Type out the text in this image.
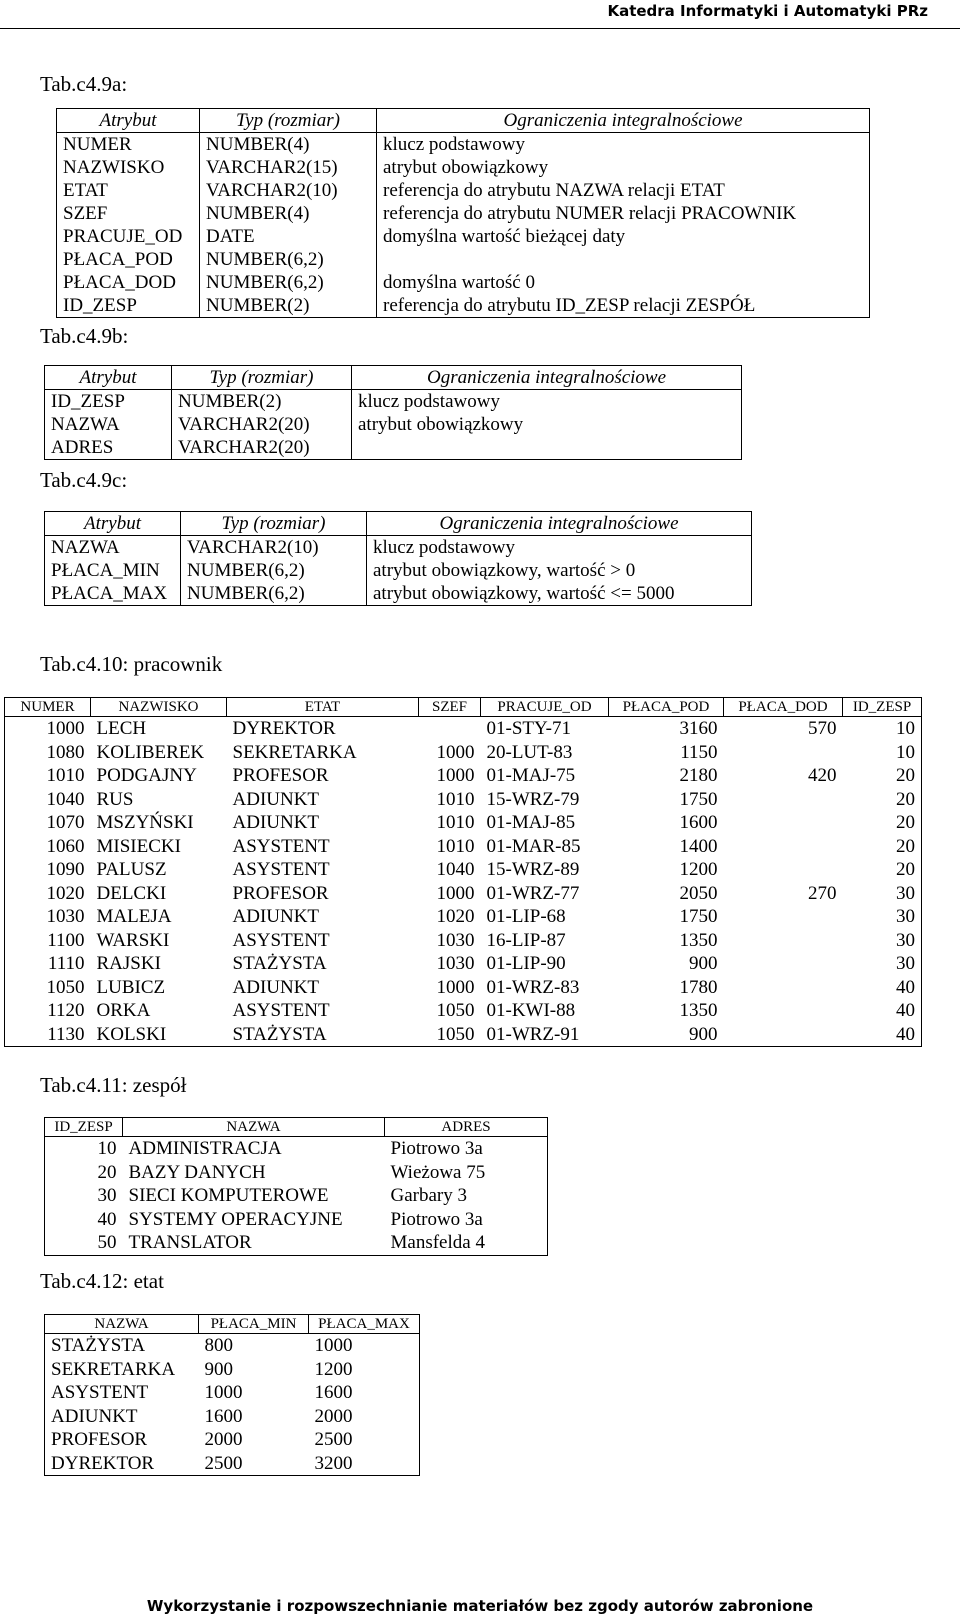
Katedra Informatyki i Automatyki PRz
Tab.c4.9a:
Atrybut	Typ (rozmiar)	Ograniczenia integralnościowe
NUMER	NUMBER(4)	klucz podstawowy
NAZWISKO	VARCHAR2(15)	atrybut obowiązkowy
ETAT	VARCHAR2(10)	referencja do atrybutu NAZWA relacji ETAT
SZEF	NUMBER(4)	referencja do atrybutu NUMER relacji PRACOWNIK
PRACUJE_OD	DATE	domyślna wartość bieżącej daty
PŁACA_POD	NUMBER(6,2)	
PŁACA_DOD	NUMBER(6,2)	domyślna wartość 0
ID_ZESP	NUMBER(2)	referencja do atrybutu ID_ZESP relacji ZESPÓŁ
Tab.c4.9b:
Atrybut	Typ (rozmiar)	Ograniczenia integralnościowe
ID_ZESP	NUMBER(2)	klucz podstawowy
NAZWA	VARCHAR2(20)	atrybut obowiązkowy
ADRES	VARCHAR2(20)	
Tab.c4.9c:
Atrybut	Typ (rozmiar)	Ograniczenia integralnościowe
NAZWA	VARCHAR2(10)	klucz podstawowy
PŁACA_MIN	NUMBER(6,2)	atrybut obowiązkowy, wartość > 0
PŁACA_MAX	NUMBER(6,2)	atrybut obowiązkowy, wartość <= 5000
Tab.c4.10: pracownik
NUMER	NAZWISKO	ETAT	SZEF	PRACUJE_OD	PŁACA_POD	PŁACA_DOD	ID_ZESP
1000	LECH	DYREKTOR		01-STY-71	3160	570	10
1080	KOLIBEREK	SEKRETARKA	1000	20-LUT-83	1150		10
1010	PODGAJNY	PROFESOR	1000	01-MAJ-75	2180	420	20
1040	RUS	ADIUNKT	1010	15-WRZ-79	1750		20
1070	MSZYŃSKI	ADIUNKT	1010	01-MAJ-85	1600		20
1060	MISIECKI	ASYSTENT	1010	01-MAR-85	1400		20
1090	PALUSZ	ASYSTENT	1040	15-WRZ-89	1200		20
1020	DELCKI	PROFESOR	1000	01-WRZ-77	2050	270	30
1030	MALEJA	ADIUNKT	1020	01-LIP-68	1750		30
1100	WARSKI	ASYSTENT	1030	16-LIP-87	1350		30
1110	RAJSKI	STAŻYSTA	1030	01-LIP-90	900		30
1050	LUBICZ	ADIUNKT	1000	01-WRZ-83	1780		40
1120	ORKA	ASYSTENT	1050	01-KWI-88	1350		40
1130	KOLSKI	STAŻYSTA	1050	01-WRZ-91	900		40
Tab.c4.11: zespół
ID_ZESP	NAZWA	ADRES
10	ADMINISTRACJA	Piotrowo 3a
20	BAZY DANYCH	Wieżowa 75
30	SIECI KOMPUTEROWE	Garbary 3
40	SYSTEMY OPERACYJNE	Piotrowo 3a
50	TRANSLATOR	Mansfelda 4
Tab.c4.12: etat
NAZWA	PŁACA_MIN	PŁACA_MAX
STAŻYSTA	800	1000
SEKRETARKA	900	1200
ASYSTENT	1000	1600
ADIUNKT	1600	2000
PROFESOR	2000	2500
DYREKTOR	2500	3200
Wykorzystanie i rozpowszechnianie materiałów bez zgody autorów zabronione
